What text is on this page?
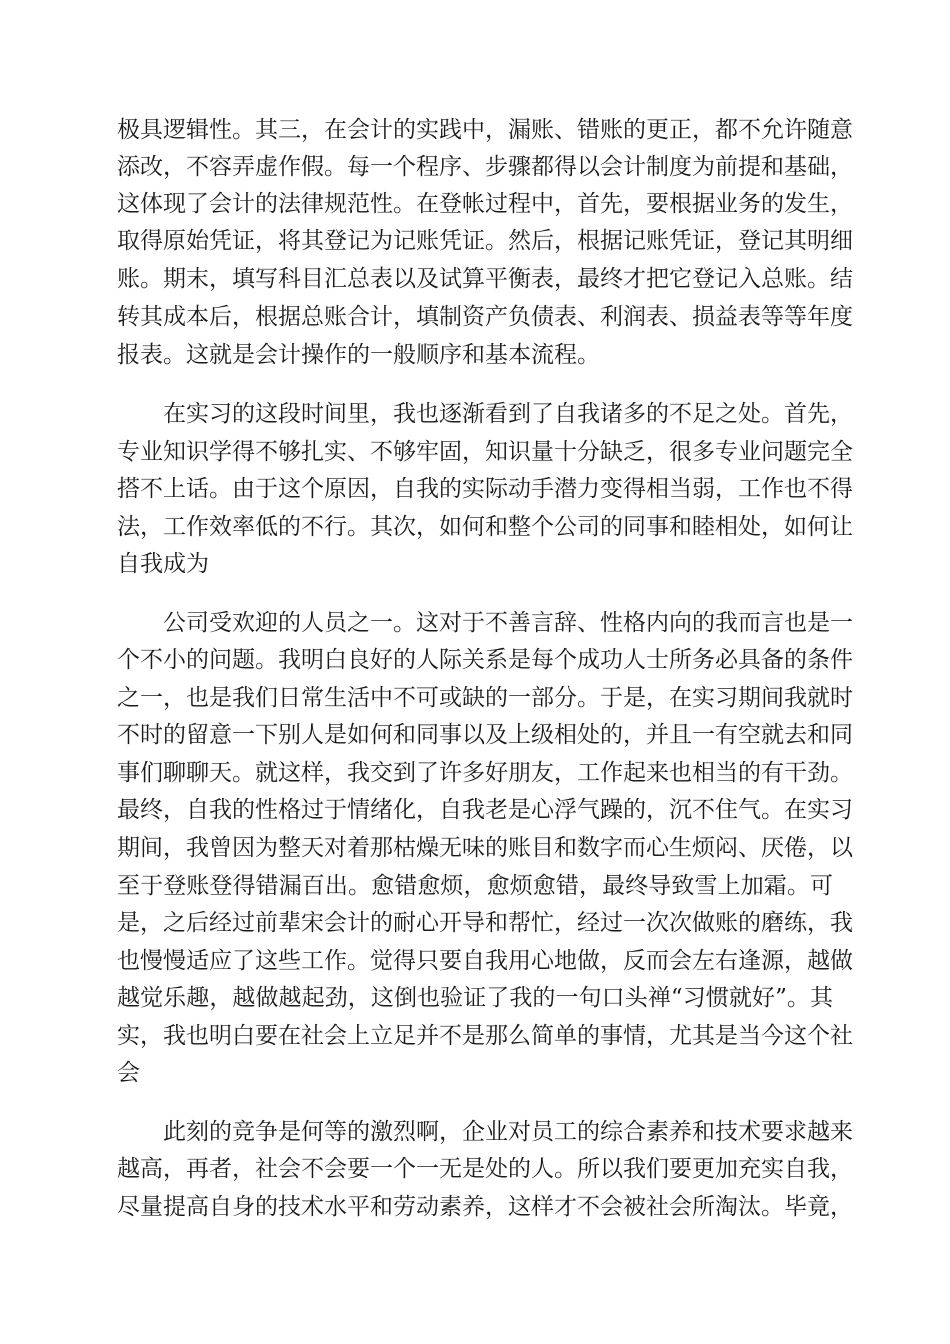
极具逻辑性。其三，在会计的实践中，漏账、错账的更正，都不允许随意
添改，不容弄虚作假。每一个程序、步骤都得以会计制度为前提和基础，
这体现了会计的法律规范性。在登帐过程中，首先，要根据业务的发生，
取得原始凭证，将其登记为记账凭证。然后，根据记账凭证，登记其明细
账。期末，填写科目汇总表以及试算平衡表，最终才把它登记入总账。结
转其成本后，根据总账合计，填制资产负债表、利润表、损益表等等年度
报表。这就是会计操作的一般顺序和基本流程。
在实习的这段时间里，我也逐渐看到了自我诸多的不足之处。首先，
专业知识学得不够扎实、不够牢固，知识量十分缺乏，很多专业问题完全
搭不上话。由于这个原因，自我的实际动手潜力变得相当弱，工作也不得
法，工作效率低的不行。其次，如何和整个公司的同事和睦相处，如何让
自我成为
公司受欢迎的人员之一。这对于不善言辞、性格内向的我而言也是一
个不小的问题。我明白良好的人际关系是每个成功人士所务必具备的条件
之一，也是我们日常生活中不可或缺的一部分。于是，在实习期间我就时
不时的留意一下别人是如何和同事以及上级相处的，并且一有空就去和同
事们聊聊天。就这样，我交到了许多好朋友，工作起来也相当的有干劲。
最终，自我的性格过于情绪化，自我老是心浮气躁的，沉不住气。在实习
期间，我曾因为整天对着那枯燥无味的账目和数字而心生烦闷、厌倦，以
至于登账登得错漏百出。愈错愈烦，愈烦愈错，最终导致雪上加霜。可
是，之后经过前辈宋会计的耐心开导和帮忙，经过一次次做账的磨练，我
也慢慢适应了这些工作。觉得只要自我用心地做，反而会左右逢源，越做
越觉乐趣，越做越起劲，这倒也验证了我的一句口头禅“习惯就好”。其
实，我也明白要在社会上立足并不是那么简单的事情，尤其是当今这个社
会
此刻的竞争是何等的激烈啊，企业对员工的综合素养和技术要求越来
越高，再者，社会不会要一个一无是处的人。所以我们要更加充实自我，
尽量提高自身的技术水平和劳动素养，这样才不会被社会所淘汰。毕竟，
